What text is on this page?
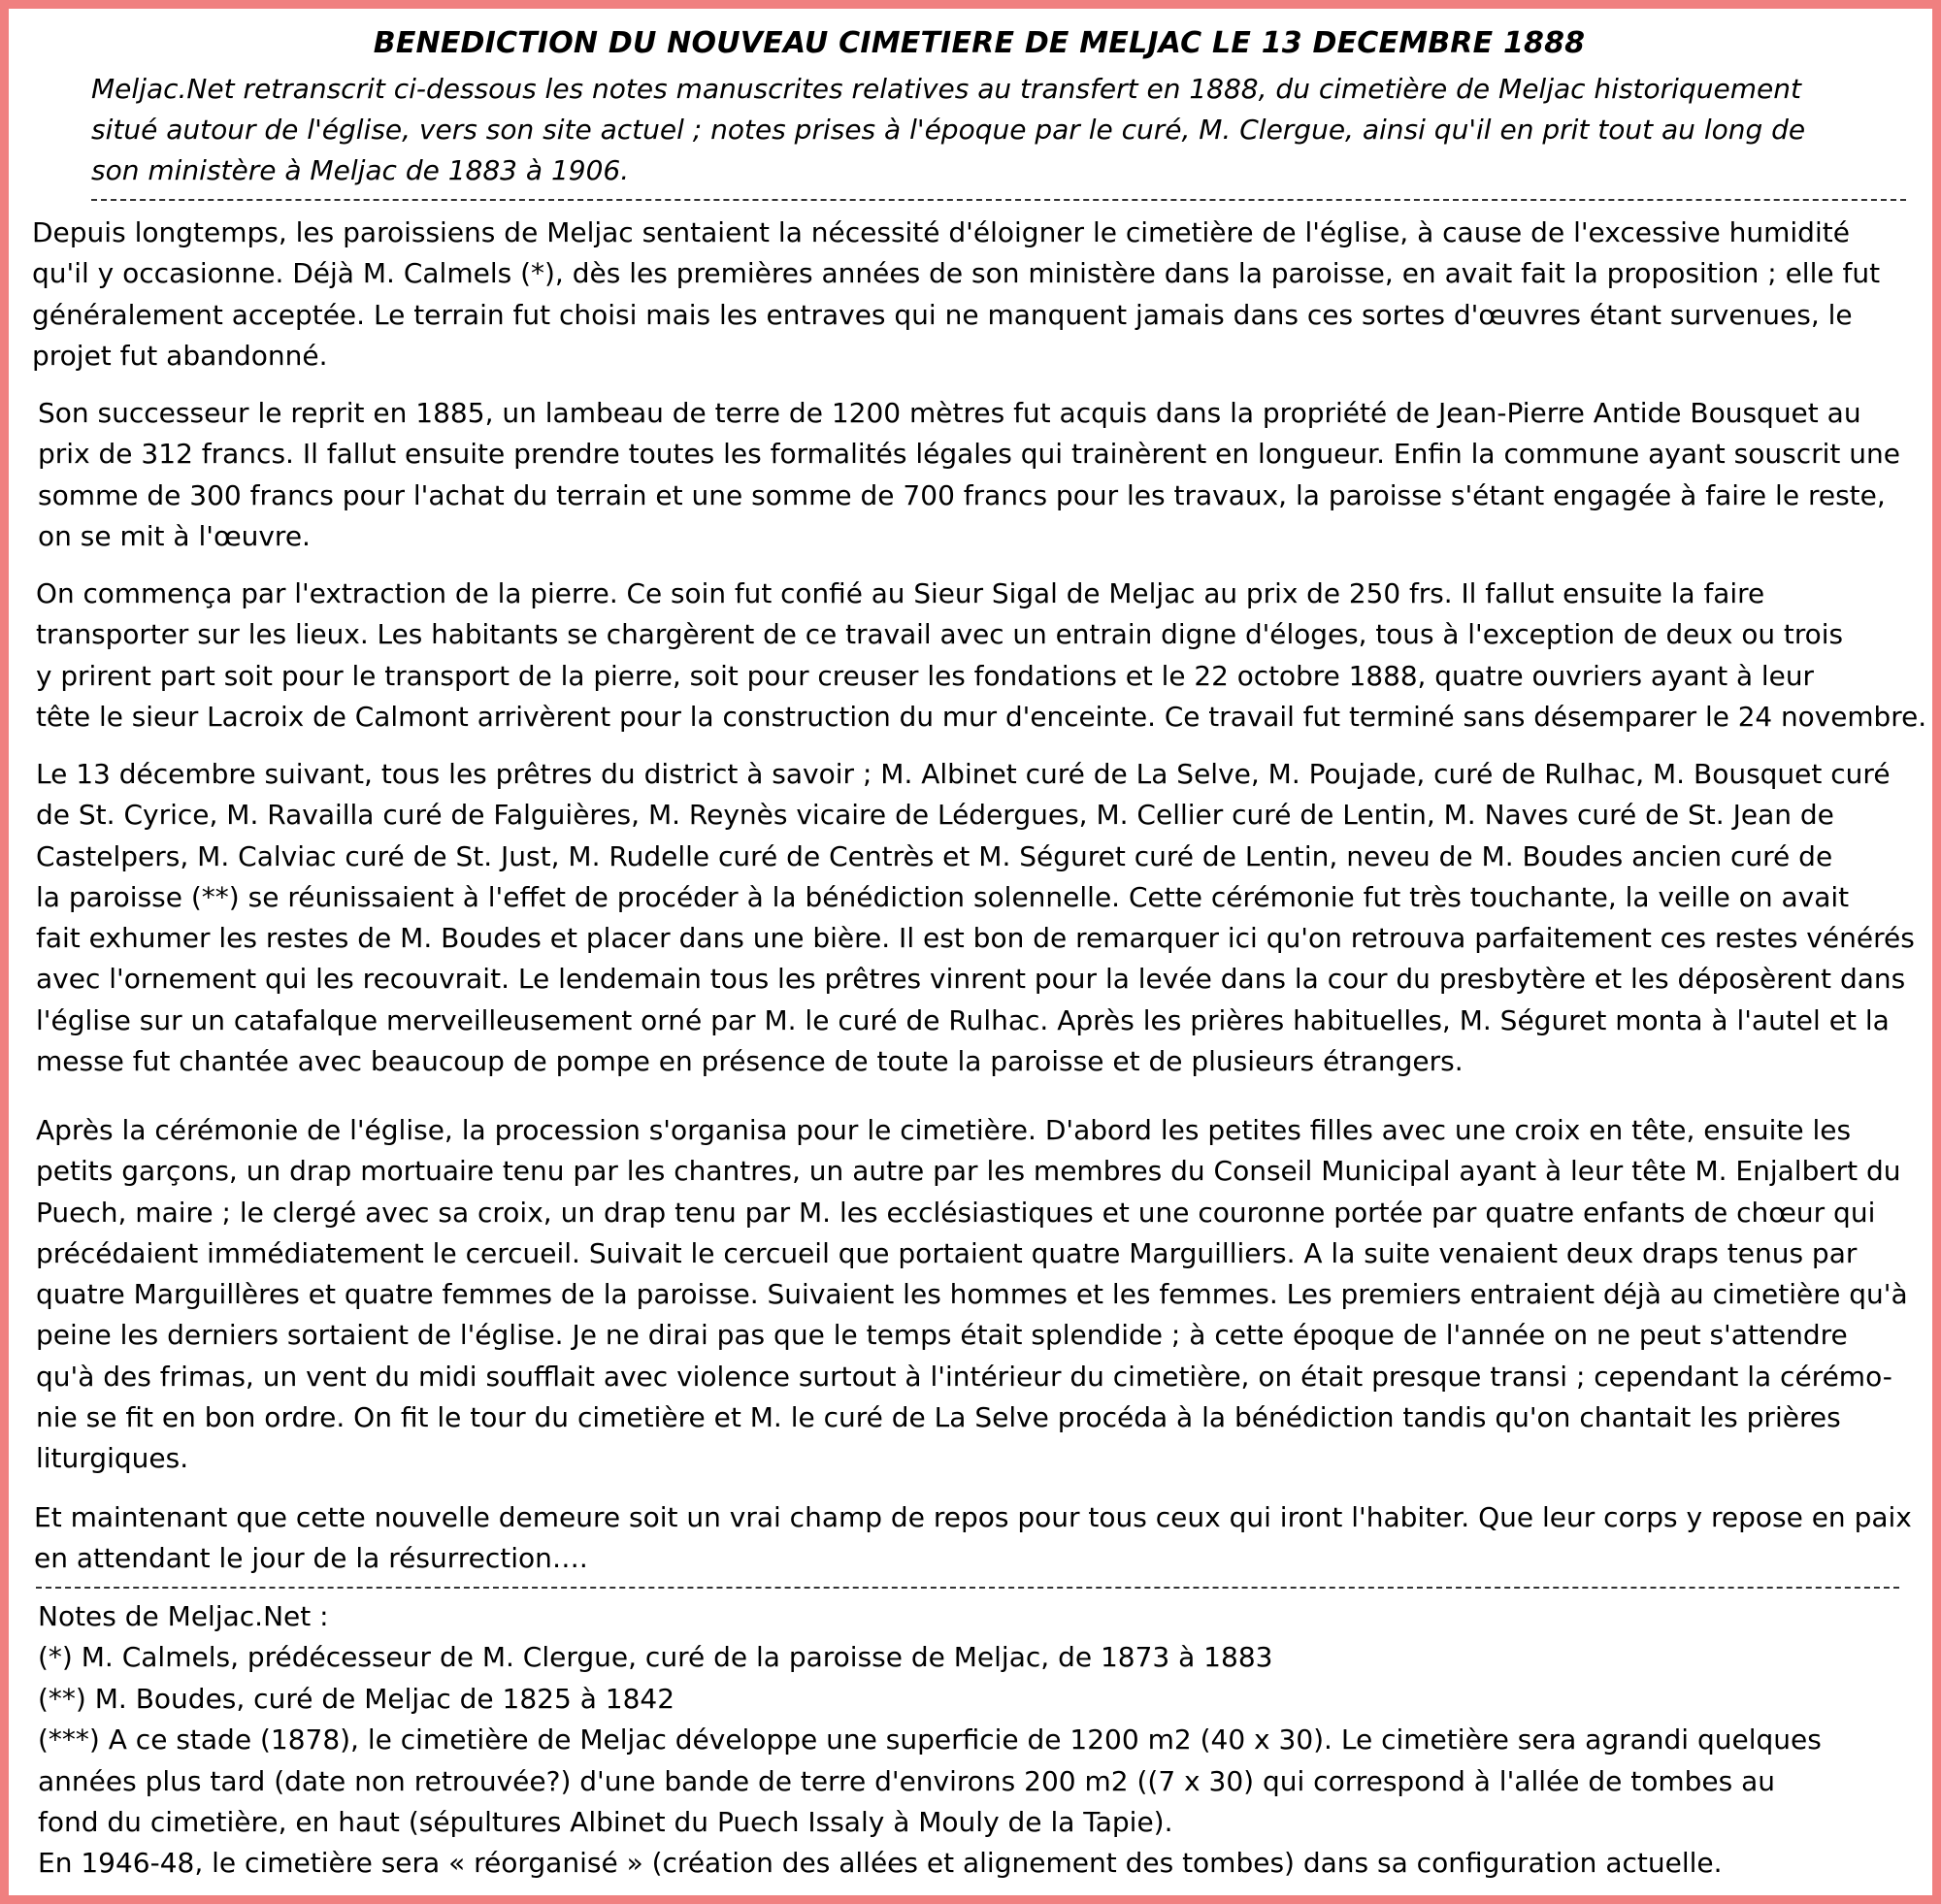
BENEDICTION DU NOUVEAU CIMETIERE DE MELJAC LE 13 DECEMBRE 1888
Meljac.Net retranscrit ci-dessous les notes manuscrites relatives au transfert en 1888, du cimetière de Meljac historiquement
situé autour de l'église, vers son site actuel ; notes prises à l'époque par le curé, M. Clergue, ainsi qu'il en prit tout au long de
son ministère à Meljac de 1883 à 1906.
Depuis longtemps, les paroissiens de Meljac sentaient la nécessité d'éloigner le cimetière de l'église, à cause de l'excessive humidité
qu'il y occasionne. Déjà M. Calmels (*), dès les premières années de son ministère dans la paroisse, en avait fait la proposition ; elle fut
généralement acceptée. Le terrain fut choisi mais les entraves qui ne manquent jamais dans ces sortes d'œuvres étant survenues, le
projet fut abandonné.
Son successeur le reprit en 1885, un lambeau de terre de 1200 mètres fut acquis dans la propriété de Jean-Pierre Antide Bousquet au
prix de 312 francs. Il fallut ensuite prendre toutes les formalités légales qui trainèrent en longueur. Enfin la commune ayant souscrit une
somme de 300 francs pour l'achat du terrain et une somme de 700 francs pour les travaux, la paroisse s'étant engagée à faire le reste,
on se mit à l'œuvre.
On commença par l'extraction de la pierre. Ce soin fut confié au Sieur Sigal de Meljac au prix de 250 frs. Il fallut ensuite la faire
transporter sur les lieux. Les habitants se chargèrent de ce travail avec un entrain digne d'éloges, tous à l'exception de deux ou trois
y prirent part soit pour le transport de la pierre, soit pour creuser les fondations et le 22 octobre 1888, quatre ouvriers ayant à leur
tête le sieur Lacroix de Calmont arrivèrent pour la construction du mur d'enceinte. Ce travail fut terminé sans désemparer le 24 novembre.
Le 13 décembre suivant, tous les prêtres du district à savoir ; M. Albinet curé de La Selve, M. Poujade, curé de Rulhac, M. Bousquet curé
de St. Cyrice, M. Ravailla curé de Falguières, M. Reynès vicaire de Lédergues, M. Cellier curé de Lentin, M. Naves curé de St. Jean de
Castelpers, M. Calviac curé de St. Just, M. Rudelle curé de Centrès et M. Séguret curé de Lentin, neveu de M. Boudes ancien curé de
la paroisse (**) se réunissaient à l'effet de procéder à la bénédiction solennelle. Cette cérémonie fut très touchante, la veille on avait
fait exhumer les restes de M. Boudes et placer dans une bière. Il est bon de remarquer ici qu'on retrouva parfaitement ces restes vénérés
avec l'ornement qui les recouvrait. Le lendemain tous les prêtres vinrent pour la levée dans la cour du presbytère et les déposèrent dans
l'église sur un catafalque merveilleusement orné par M. le curé de Rulhac. Après les prières habituelles, M. Séguret monta à l'autel et la
messe fut chantée avec beaucoup de pompe en présence de toute la paroisse et de plusieurs étrangers.
Après la cérémonie de l'église, la procession s'organisa pour le cimetière. D'abord les petites filles avec une croix en tête, ensuite les
petits garçons, un drap mortuaire tenu par les chantres, un autre par les membres du Conseil Municipal ayant à leur tête M. Enjalbert du
Puech, maire ; le clergé avec sa croix, un drap tenu par M. les ecclésiastiques et une couronne portée par quatre enfants de chœur qui
précédaient immédiatement le cercueil. Suivait le cercueil que portaient quatre Marguilliers. A la suite venaient deux draps tenus par
quatre Marguillères et quatre femmes de la paroisse. Suivaient les hommes et les femmes. Les premiers entraient déjà au cimetière qu'à
peine les derniers sortaient de l'église. Je ne dirai pas que le temps était splendide ; à cette époque de l'année on ne peut s'attendre
qu'à des frimas, un vent du midi soufflait avec violence surtout à l'intérieur du cimetière, on était presque transi ; cependant la cérémo-
nie se fit en bon ordre. On fit le tour du cimetière et M. le curé de La Selve procéda à la bénédiction tandis qu'on chantait les prières
liturgiques.
Et maintenant que cette nouvelle demeure soit un vrai champ de repos pour tous ceux qui iront l'habiter. Que leur corps y repose en paix
en attendant le jour de la résurrection….
Notes de Meljac.Net :
(*) M. Calmels, prédécesseur de M. Clergue, curé de la paroisse de Meljac, de 1873 à 1883
(**) M. Boudes, curé de Meljac de 1825 à 1842
(***) A ce stade (1878), le cimetière de Meljac développe une superficie de 1200 m2 (40 x 30). Le cimetière sera agrandi quelques
années plus tard (date non retrouvée?) d'une bande de terre d'environs 200 m2 ((7 x 30) qui correspond à l'allée de tombes au
fond du cimetière, en haut (sépultures Albinet du Puech Issaly à Mouly de la Tapie).
En 1946-48, le cimetière sera « réorganisé » (création des allées et alignement des tombes) dans sa configuration actuelle.
